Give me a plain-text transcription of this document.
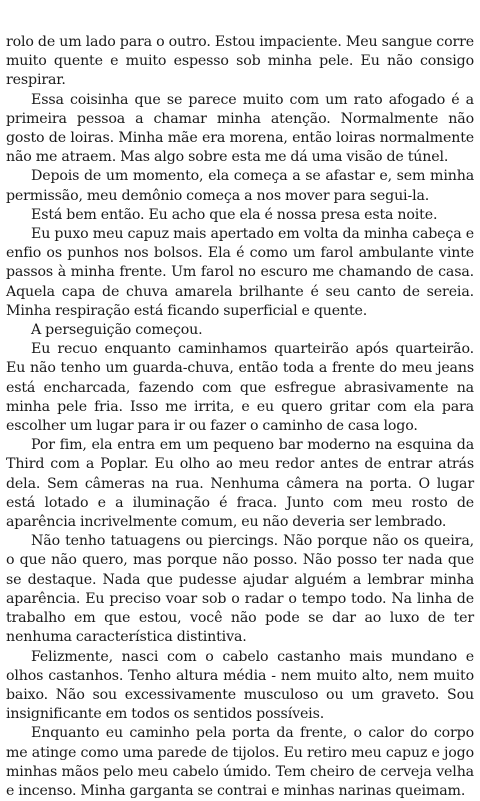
rolo de um lado para o outro. Estou impaciente. Meu sangue corre muito quente e muito espesso sob minha pele. Eu não consigo respirar.

Essa coisinha que se parece muito com um rato afogado é a primeira pessoa a chamar minha atenção. Normalmente não gosto de loiras. Minha mãe era morena, então loiras normalmente não me atraem. Mas algo sobre esta me dá uma visão de túnel.

Depois de um momento, ela começa a se afastar e, sem minha permissão, meu demônio começa a nos mover para segui-la.

Está bem então. Eu acho que ela é nossa presa esta noite.

Eu puxo meu capuz mais apertado em volta da minha cabeça e enfio os punhos nos bolsos. Ela é como um farol ambulante vinte passos à minha frente. Um farol no escuro me chamando de casa. Aquela capa de chuva amarela brilhante é seu canto de sereia. Minha respiração está ficando superficial e quente.

A perseguição começou.

Eu recuo enquanto caminhamos quarteirão após quarteirão. Eu não tenho um guarda-chuva, então toda a frente do meu jeans está encharcada, fazendo com que esfregue abrasivamente na minha pele fria. Isso me irrita, e eu quero gritar com ela para escolher um lugar para ir ou fazer o caminho de casa logo.

Por fim, ela entra em um pequeno bar moderno na esquina da Third com a Poplar. Eu olho ao meu redor antes de entrar atrás dela. Sem câmeras na rua. Nenhuma câmera na porta. O lugar está lotado e a iluminação é fraca. Junto com meu rosto de aparência incrivelmente comum, eu não deveria ser lembrado.

Não tenho tatuagens ou piercings. Não porque não os queira, o que não quero, mas porque não posso. Não posso ter nada que se destaque. Nada que pudesse ajudar alguém a lembrar minha aparência. Eu preciso voar sob o radar o tempo todo. Na linha de trabalho em que estou, você não pode se dar ao luxo de ter nenhuma característica distintiva.

Felizmente, nasci com o cabelo castanho mais mundano e olhos castanhos. Tenho altura média - nem muito alto, nem muito baixo. Não sou excessivamente musculoso ou um graveto. Sou insignificante em todos os sentidos possíveis.

Enquanto eu caminho pela porta da frente, o calor do corpo me atinge como uma parede de tijolos. Eu retiro meu capuz e jogo minhas mãos pelo meu cabelo úmido. Tem cheiro de cerveja velha e incenso. Minha garganta se contrai e minhas narinas queimam.
